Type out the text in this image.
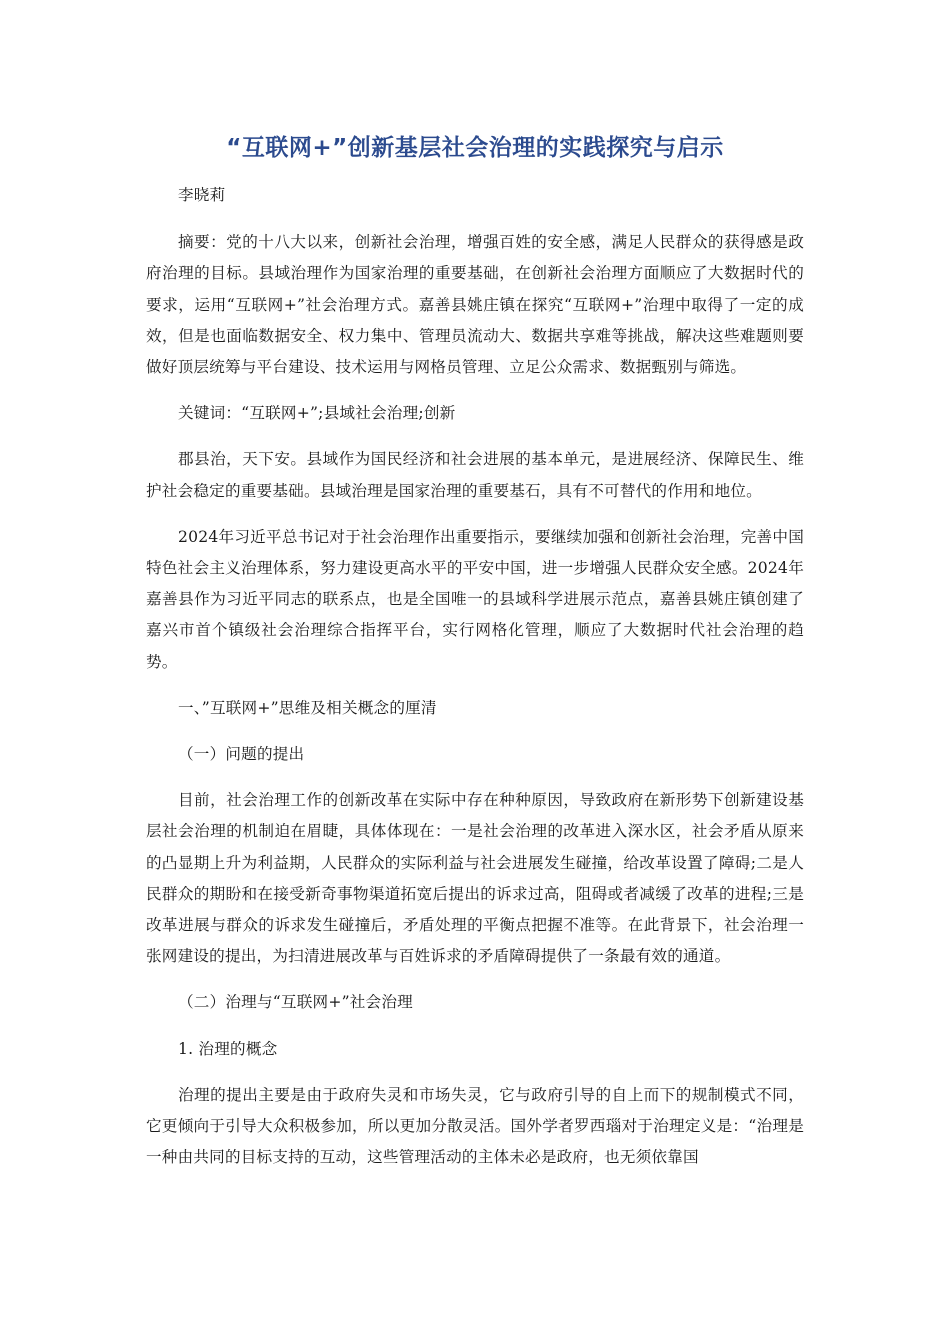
“互联网+”创新基层社会治理的实践探究与启示

李晓莉

摘要：党的十八大以来，创新社会治理，增强百姓的安全感，满足人民群众的获得感是政府治理的目标。县域治理作为国家治理的重要基础，在创新社会治理方面顺应了大数据时代的要求，运用“互联网+”社会治理方式。嘉善县姚庄镇在探究“互联网+”治理中取得了一定的成效，但是也面临数据安全、权力集中、管理员流动大、数据共享难等挑战，解决这些难题则要做好顶层统筹与平台建设、技术运用与网格员管理、立足公众需求、数据甄别与筛选。

关键词：“互联网+”;县域社会治理;创新

郡县治，天下安。县域作为国民经济和社会进展的基本单元，是进展经济、保障民生、维护社会稳定的重要基础。县域治理是国家治理的重要基石，具有不可替代的作用和地位。

2024年习近平总书记对于社会治理作出重要指示，要继续加强和创新社会治理，完善中国特色社会主义治理体系，努力建设更高水平的平安中国，进一步增强人民群众安全感。2024年嘉善县作为习近平同志的联系点，也是全国唯一的县域科学进展示范点，嘉善县姚庄镇创建了嘉兴市首个镇级社会治理综合指挥平台，实行网格化管理，顺应了大数据时代社会治理的趋势。

一、”互联网+”思维及相关概念的厘清

（一）问题的提出

目前，社会治理工作的创新改革在实际中存在种种原因，导致政府在新形势下创新建设基层社会治理的机制迫在眉睫，具体体现在：一是社会治理的改革进入深水区，社会矛盾从原来的凸显期上升为利益期，人民群众的实际利益与社会进展发生碰撞，给改革设置了障碍;二是人民群众的期盼和在接受新奇事物渠道拓宽后提出的诉求过高，阻碍或者减缓了改革的进程;三是改革进展与群众的诉求发生碰撞后，矛盾处理的平衡点把握不准等。在此背景下，社会治理一张网建设的提出，为扫清进展改革与百姓诉求的矛盾障碍提供了一条最有效的通道。

（二）治理与“互联网+”社会治理

1. 治理的概念

治理的提出主要是由于政府失灵和市场失灵，它与政府引导的自上而下的规制模式不同，它更倾向于引导大众积极参加，所以更加分散灵活。国外学者罗西瑙对于治理定义是：“治理是一种由共同的目标支持的互动，这些管理活动的主体未必是政府，也无须依靠国
